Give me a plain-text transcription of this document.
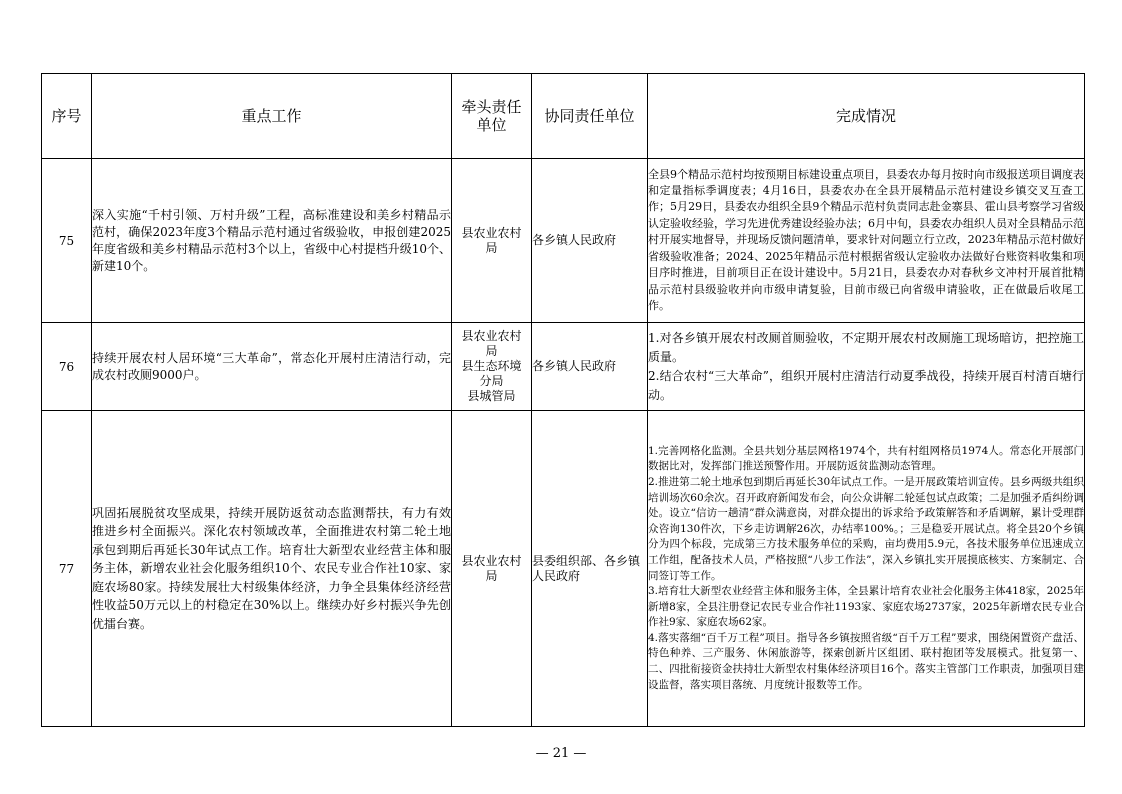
序号	重点工作	牵头责任单位	协同责任单位	完成情况
75	深入实施“千村引领、万村升级”工程，高标准建设和美乡村精品示范村，确保2023年度3个精品示范村通过省级验收，申报创建2025年度省级和美乡村精品示范村3个以上，省级中心村提档升级10个、新建10个。	县农业农村
局	各乡镇人民政府	全县9个精品示范村均按预期目标建设重点项目，县委农办每月按时向市级报送项目调度表和定量指标季调度表；4月16日，县委农办在全县开展精品示范村建设乡镇交叉互查工作；5月29日，县委农办组织全县9个精品示范村负责同志赴金寨县、霍山县考察学习省级认定验收经验，学习先进优秀建设经验办法；6月中旬，县委农办组织人员对全县精品示范村开展实地督导，并现场反馈问题清单，要求针对问题立行立改，2023年精品示范村做好省级验收准备；2024、2025年精品示范村根据省级认定验收办法做好台账资料收集和项目序时推进，目前项目正在设计建设中。5月21日，县委农办对春秋乡文冲村开展首批精品示范村县级验收并向市级申请复验，目前市级已向省级申请验收，正在做最后收尾工作。

76	持续开展农村人居环境“三大革命”，常态化开展村庄清洁行动，完成农村改厕9000户。	县农业农村
局
县生态环境
分局
县城管局	各乡镇人民政府	1.对各乡镇开展农村改厕首厕验收，不定期开展农村改厕施工现场暗访，把控施工质量。
2.结合农村“三大革命”，组织开展村庄清洁行动夏季战役，持续开展百村清百塘行动。

77	巩固拓展脱贫攻坚成果，持续开展防返贫动态监测帮扶，有力有效推进乡村全面振兴。深化农村领域改革，全面推进农村第二轮土地承包到期后再延长30年试点工作。培育壮大新型农业经营主体和服务主体，新增农业社会化服务组织10个、农民专业合作社10家、家庭农场80家。持续发展壮大村级集体经济，力争全县集体经济经营性收益50万元以上的村稳定在30%以上。继续办好乡村振兴争先创优擂台赛。	县农业农村
局	县委组织部、各乡镇人民政府	1.完善网格化监测。全县共划分基层网格1974个，共有村组网格员1974人。常态化开展部门数据比对，发挥部门推送预警作用。开展防返贫监测动态管理。
2.推进第二轮土地承包到期后再延长30年试点工作。一是开展政策培训宣传。县乡两级共组织培训场次60余次。召开政府新闻发布会，向公众讲解二轮延包试点政策；二是加强矛盾纠纷调处。设立“信访一趟清”群众满意岗，对群众提出的诉求给予政策解答和矛盾调解，累计受理群众咨询130件次，下乡走访调解26次，办结率100%。；三是稳妥开展试点。将全县20个乡镇分为四个标段，完成第三方技术服务单位的采购，亩均费用5.9元，各技术服务单位迅速成立工作组，配备技术人员，严格按照“八步工作法”，深入乡镇扎实开展摸底核实、方案制定、合同签订等工作。
3.培育壮大新型农业经营主体和服务主体，全县累计培育农业社会化服务主体418家，2025年新增8家，全县注册登记农民专业合作社1193家、家庭农场2737家，2025年新增农民专业合作社9家、家庭农场62家。
4.落实落细“百千万工程”项目。指导各乡镇按照省级“百千万工程”要求，围绕闲置资产盘活、特色种养、三产服务、休闲旅游等，探索创新片区组团、联村抱团等发展模式。批复第一、二、四批衔接资金扶持壮大新型农村集体经济项目16个。落实主管部门工作职责，加强项目建设监督，落实项目落统、月度统计报数等工作。
— 21 —
